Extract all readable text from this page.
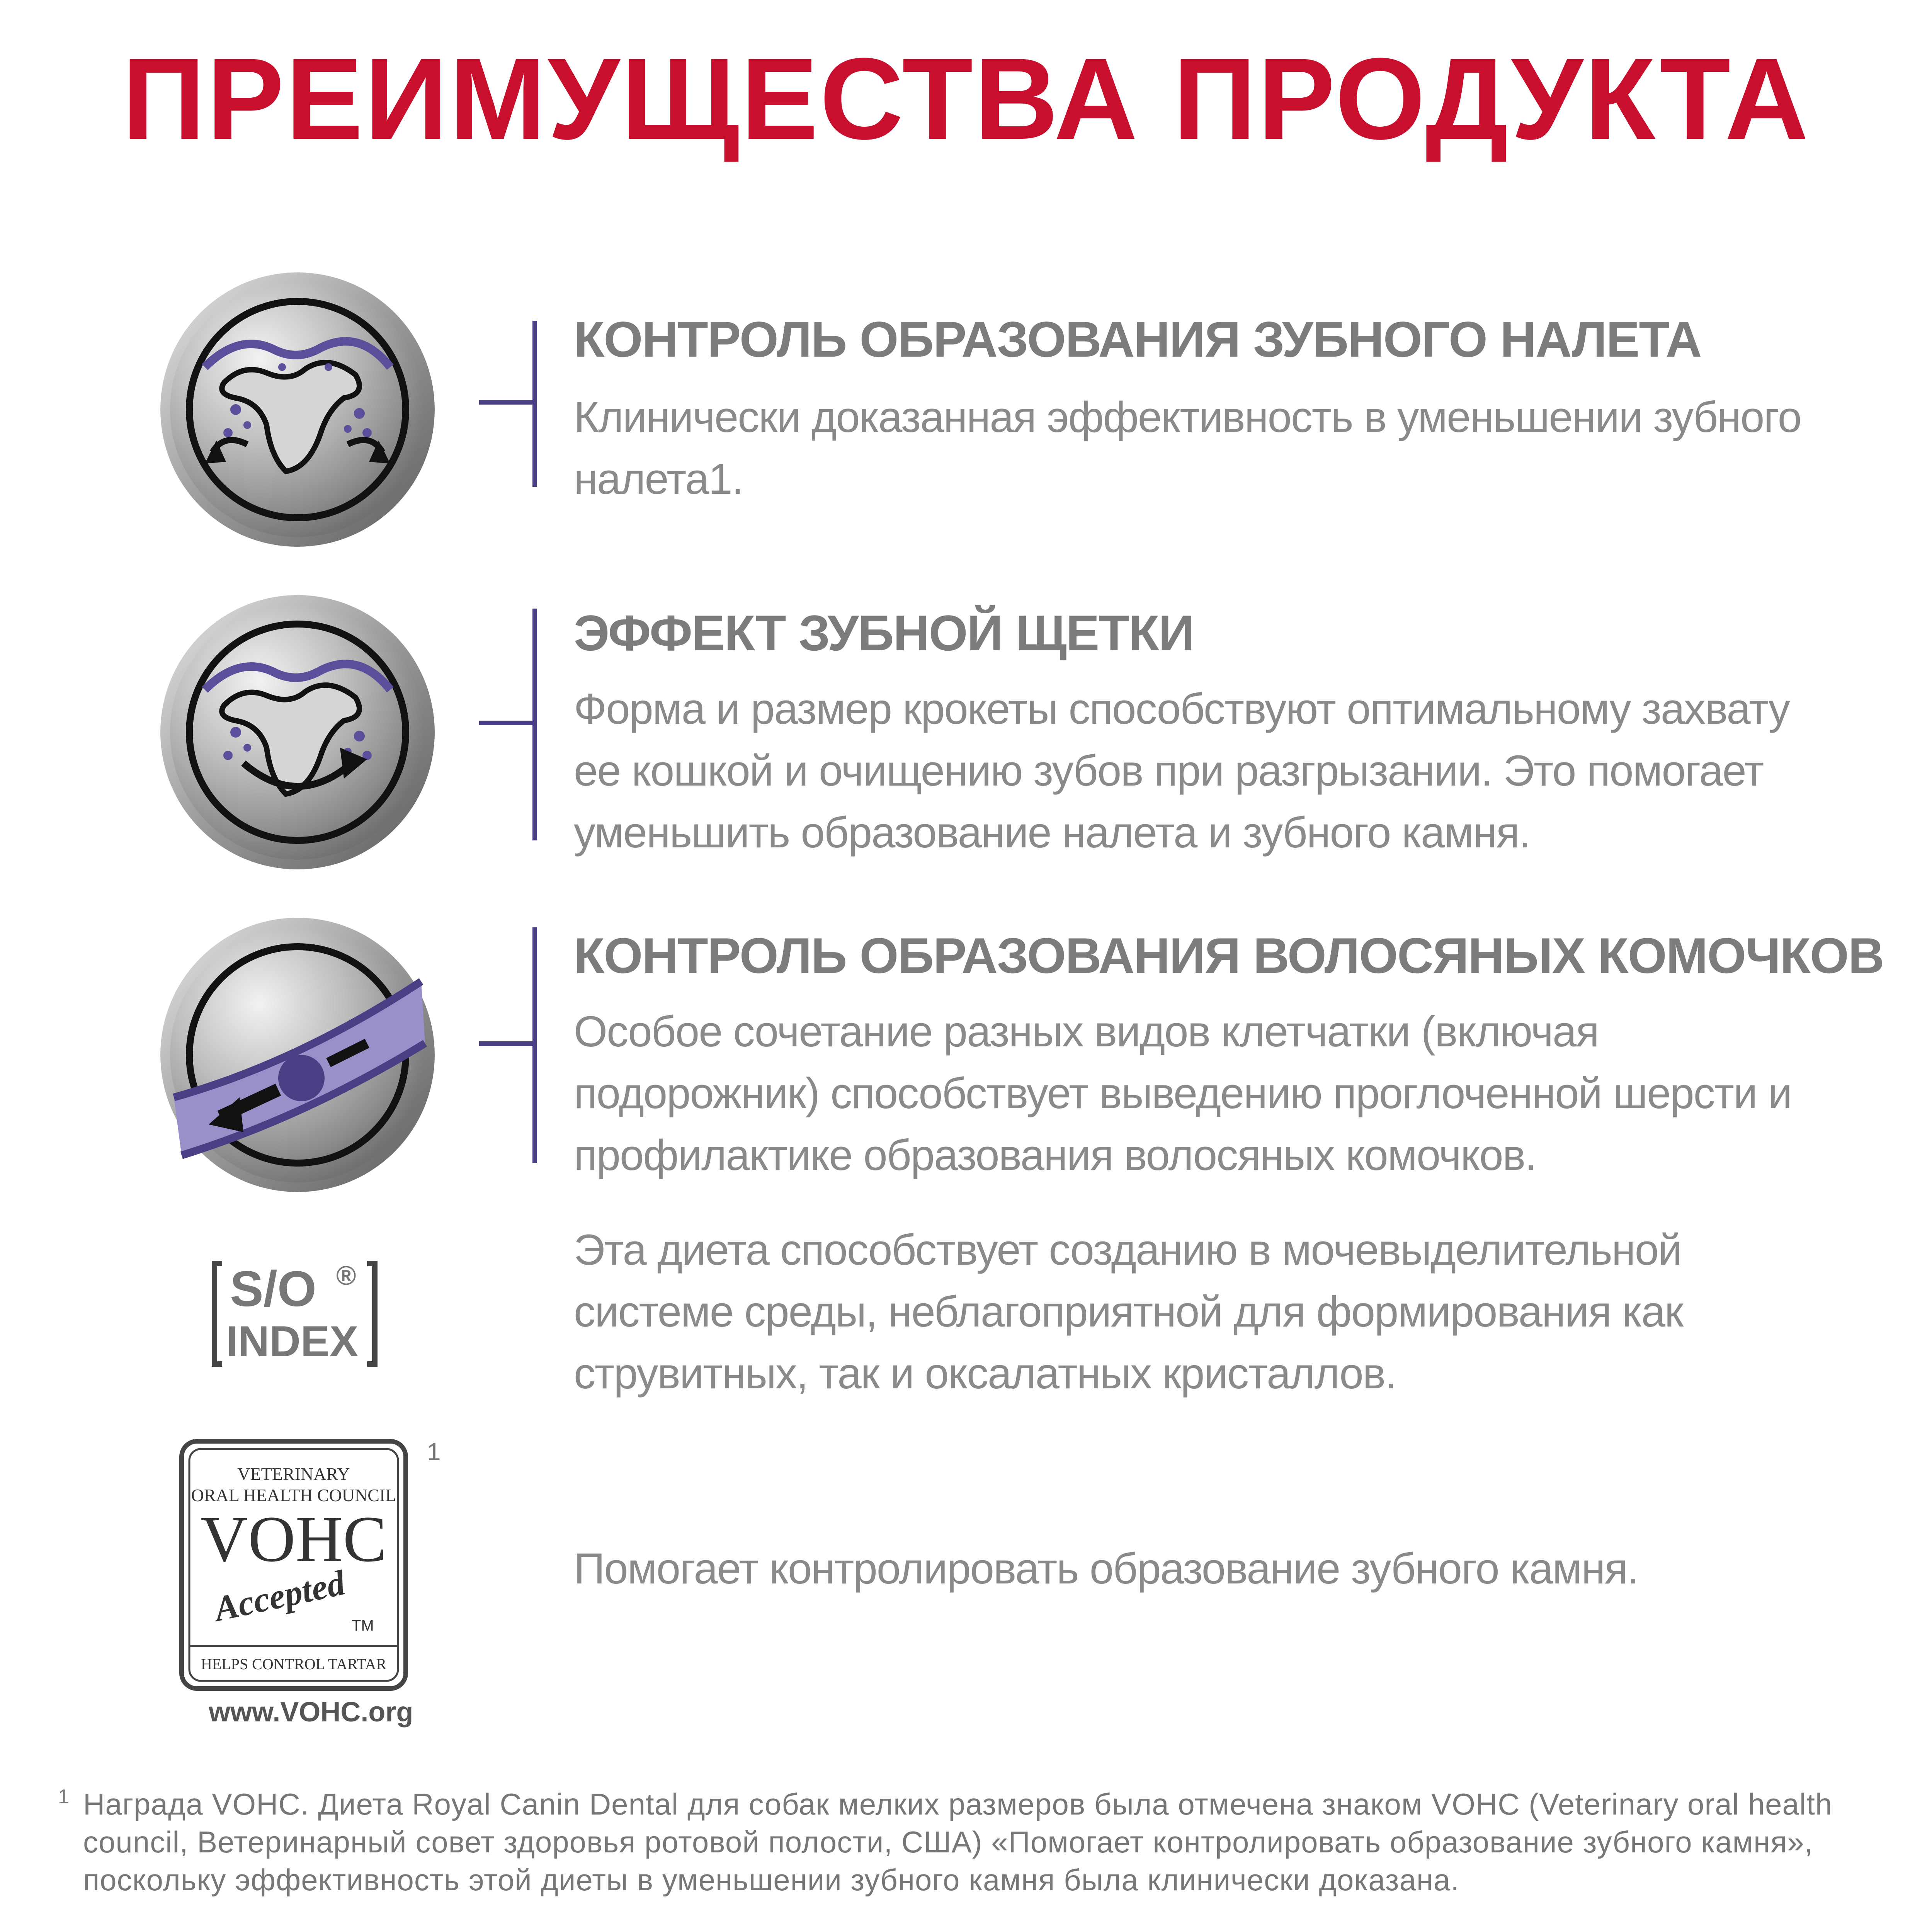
ПРЕИМУЩЕСТВА ПРОДУКТА
КОНТРОЛЬ ОБРАЗОВАНИЯ ЗУБНОГО НАЛЕТА
Клинически доказанная эффективность в уменьшении зубного
налета1.
ЭФФЕКТ ЗУБНОЙ ЩЕТКИ
Форма и размер крокеты способствуют оптимальному захвату
ее кошкой и очищению зубов при разгрызании. Это помогает
уменьшить образование налета и зубного камня.
КОНТРОЛЬ ОБРАЗОВАНИЯ ВОЛОСЯНЫХ КОМОЧКОВ
Особое сочетание разных видов клетчатки (включая
подорожник) способствует выведению проглоченной шерсти и
профилактике образования волосяных комочков.
S/O ®
INDEX
Эта диета способствует созданию в мочевыделительной
системе среды, неблагоприятной для формирования как
струвитных, так и оксалатных кристаллов.
VETERINARY
ORAL HEALTH COUNCIL
VOHC
Accepted TM
HELPS CONTROL TARTAR
1
www.VOHC.org
Помогает контролировать образование зубного камня.
1 Награда VOHC. Диета Royal Canin Dental для собак мелких размеров была отмечена знаком VOHC (Veterinary oral health
council, Ветеринарный совет здоровья ротовой полости, США) «Помогает контролировать образование зубного камня»,
поскольку эффективность этой диеты в уменьшении зубного камня была клинически доказана.
